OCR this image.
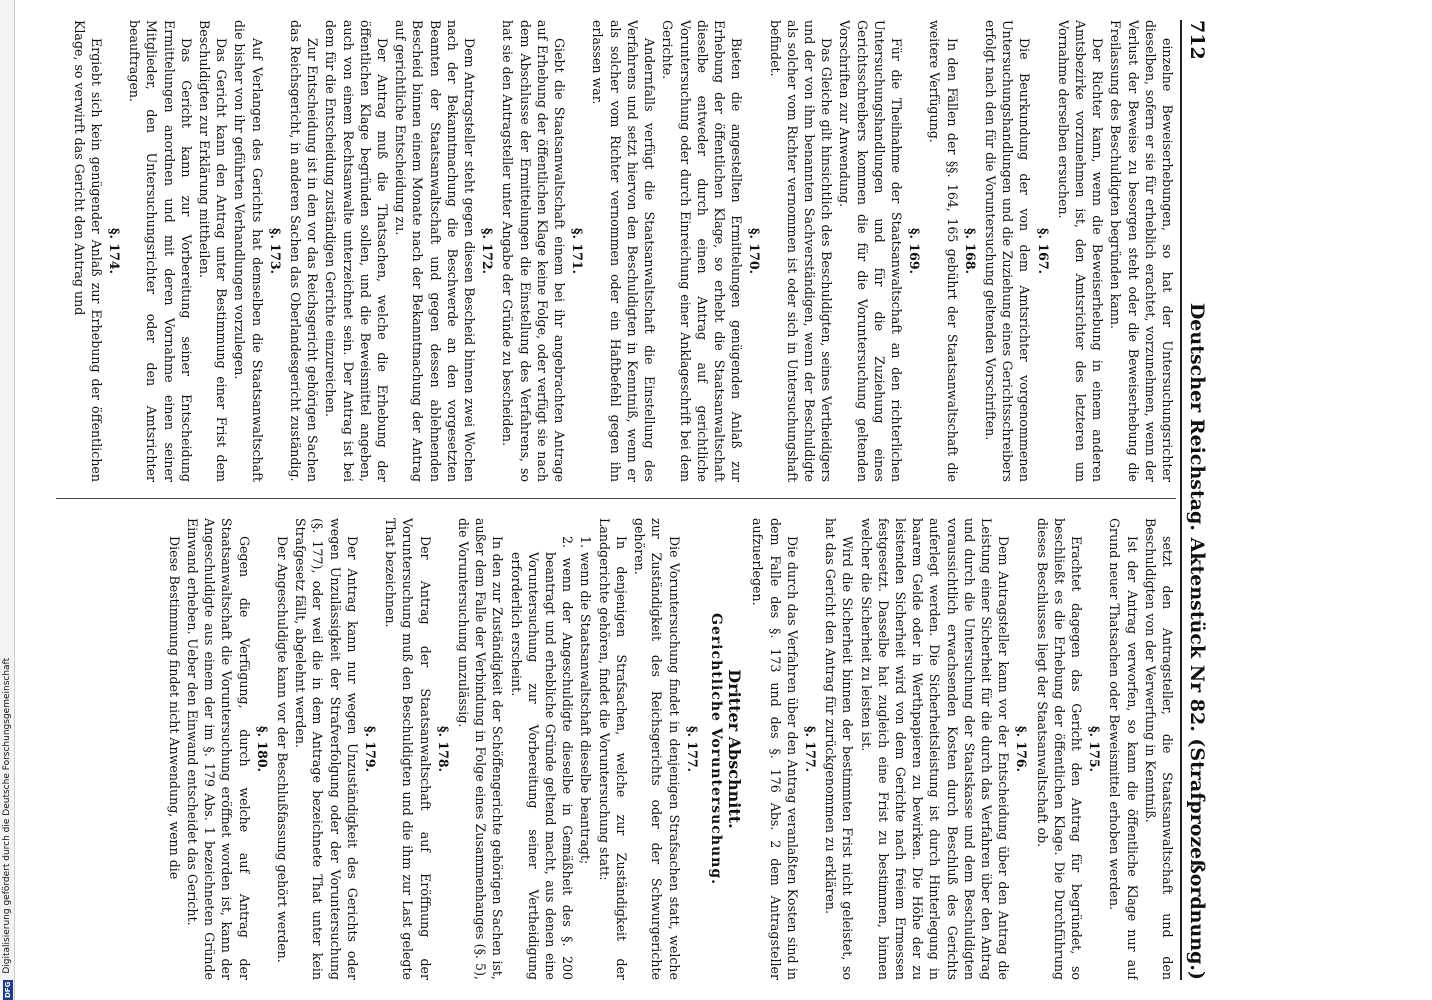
712
Deutscher Reichstag. Aktenstück Nr 82. (Strafprozeßordnung.)

einzelne Beweiserhebungen, so hat der Untersuchungsrichter dieselben, sofern er sie für erheblich erachtet, vorzunehmen, wenn der Verlust der Beweise zu besorgen steht oder die Beweiserhebung die Freilassung des Beschuldigten begründen kann.

Der Richter kann, wenn die Beweiserhebung in einem anderen Amtsbezirke vorzunehmen ist, den Amtsrichter des letzteren um Vornahme derselben ersuchen.

§. 167.

Die Beurkundung der von dem Amtsrichter vorgenommenen Untersuchungshandlungen und die Zuziehung eines Gerichtsschreibers erfolgt nach den für die Voruntersuchung geltenden Vorschriften.

§. 168.

In den Fällen der §§. 164, 165 gebührt der Staatsanwaltschaft die weitere Verfügung.

§. 169.

Für die Theilnahme der Staatsanwaltschaft an den richterlichen Untersuchungshandlungen und für die Zuziehung eines Gerichtsschreibers kommen die für die Voruntersuchung geltenden Vorschriften zur Anwendung.

Das Gleiche gilt hinsichtlich des Beschuldigten, seines Vertheidigers und der von ihm benannten Sachverständigen, wenn der Beschuldigte als solcher vom Richter vernommen ist oder sich in Untersuchungshaft befindet.

§. 170.

Bieten die angestellten Ermittelungen genügenden Anlaß zur Erhebung der öffentlichen Klage, so erhebt die Staatsanwaltschaft dieselbe entweder durch einen Antrag auf gerichtliche Voruntersuchung oder durch Einreichung einer Anklageschrift bei dem Gerichte.

Andernfalls verfügt die Staatsanwaltschaft die Einstellung des Verfahrens und setzt hiervon den Beschuldigten in Kenntniß, wenn er als solcher vom Richter vernommen oder ein Haftbefehl gegen ihn erlassen war.

§. 171.

Giebt die Staatsanwaltschaft einem bei ihr angebrachten Antrage auf Erhebung der öffentlichen Klage keine Folge, oder verfügt sie nach dem Abschlusse der Ermittelungen die Einstellung des Verfahrens, so hat sie den Antragsteller unter Angabe der Gründe zu bescheiden.

§. 172.

Dem Antragsteller steht gegen diesen Bescheid binnen zwei Wochen nach der Bekanntmachung die Beschwerde an den vorgesetzten Beamten der Staatsanwaltschaft und gegen dessen ablehnenden Bescheid binnen einem Monate nach der Bekanntmachung der Antrag auf gerichtliche Entscheidung zu.

Der Antrag muß die Thatsachen, welche die Erhebung der öffentlichen Klage begründen sollen, und die Beweismittel angeben, auch von einem Rechtsanwalte unterzeichnet sein. Der Antrag ist bei dem für die Entscheidung zuständigen Gerichte einzureichen.

Zur Entscheidung ist in den vor das Reichsgericht gehörigen Sachen das Reichsgericht, in anderen Sachen das Oberlandesgericht zuständig.

§. 173.

Auf Verlangen des Gerichts hat demselben die Staatsanwaltschaft die bisher von ihr geführten Verhandlungen vorzulegen.

Das Gericht kann den Antrag unter Bestimmung einer Frist dem Beschuldigten zur Erklärung mittheilen.

Das Gericht kann zur Vorbereitung seiner Entscheidung Ermittelungen anordnen und mit deren Vornahme einen seiner Mitglieder, den Untersuchungsrichter oder den Amtsrichter beauftragen.

§. 174.

Ergiebt sich kein genügender Anlaß zur Erhebung der öffentlichen Klage, so verwirft das Gericht den Antrag und

setzt den Antragsteller, die Staatsanwaltschaft und den Beschuldigten von der Verwerfung in Kenntniß.

Ist der Antrag verworfen, so kann die öffentliche Klage nur auf Grund neuer Thatsachen oder Beweismittel erhoben werden.

§. 175.

Erachtet dagegen das Gericht den Antrag für begründet, so beschließt es die Erhebung der öffentlichen Klage. Die Durchführung dieses Beschlusses liegt der Staatsanwaltschaft ob.

§. 176.

Dem Antragsteller kann vor der Entscheidung über den Antrag die Leistung einer Sicherheit für die durch das Verfahren über den Antrag und durch die Untersuchung der Staatskasse und dem Beschuldigten voraussichtlich erwachsenden Kosten durch Beschluß des Gerichts auferlegt werden. Die Sicherheitsleistung ist durch Hinterlegung in baarem Gelde oder in Werthpapieren zu bewirken. Die Höhe der zu leistenden Sicherheit wird von dem Gerichte nach freiem Ermessen festgesetzt. Dasselbe hat zugleich eine Frist zu bestimmen, binnen welcher die Sicherheit zu leisten ist.

Wird die Sicherheit binnen der bestimmten Frist nicht geleistet, so hat das Gericht den Antrag für zurückgenommen zu erklären.

§. 177.

Die durch das Verfahren über den Antrag veranlaßten Kosten sind in dem Falle des §. 173 und des §. 176 Abs. 2 dem Antragsteller aufzuerlegen.

Dritter Abschnitt.

Gerichtliche Voruntersuchung.

§. 177.

Die Voruntersuchung findet in denjenigen Strafsachen statt, welche zur Zuständigkeit des Reichsgerichts oder der Schwurgerichte gehören.

In denjenigen Strafsachen, welche zur Zuständigkeit der Landgerichte gehören, findet die Voruntersuchung statt:

1. wenn die Staatsanwaltschaft dieselbe beantragt;

2. wenn der Angeschuldigte dieselbe in Gemäßheit des §. 200 beantragt und erhebliche Gründe geltend macht, aus denen eine Voruntersuchung zur Vorbereitung seiner Vertheidigung erforderlich erscheint.

In den zur Zuständigkeit der Schöffengerichte gehörigen Sachen ist, außer dem Falle der Verbindung in Folge eines Zusammenhanges (§. 5), die Voruntersuchung unzulässig.

§. 178.

Der Antrag der Staatsanwaltschaft auf Eröffnung der Voruntersuchung muß den Beschuldigten und die ihm zur Last gelegte That bezeichnen.

§. 179.

Der Antrag kann nur wegen Unzuständigkeit des Gerichts oder wegen Unzulässigkeit der Strafverfolgung oder der Voruntersuchung (§. 177), oder weil die in dem Antrage bezeichnete That unter kein Strafgesetz fällt, abgelehnt werden.

Der Angeschuldigte kann vor der Beschlußfassung gehört werden.

§. 180.

Gegen die Verfügung, durch welche auf Antrag der Staatsanwaltschaft die Voruntersuchung eröffnet worden ist, kann der Angeschuldigte aus einem der im §. 179 Abs. 1 bezeichneten Gründe Einwand erheben. Ueber den Einwand entscheidet das Gericht.

Diese Bestimmung findet nicht Anwendung, wenn die

DFG
Digitalisierung gefördert durch die Deutsche Forschungsgemeinschaft
